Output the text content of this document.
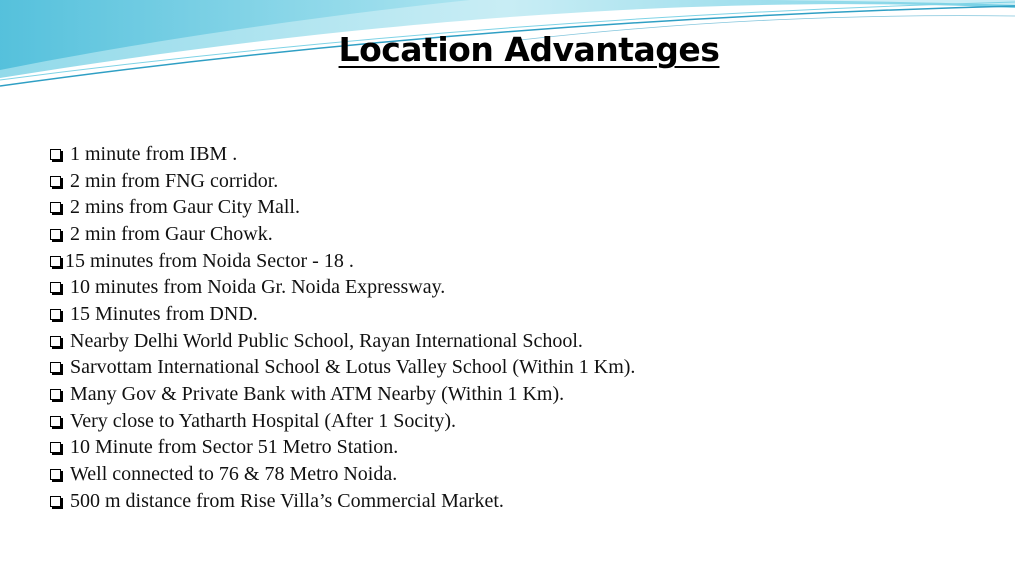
Location Advantages
1 minute from IBM .
2 min from FNG corridor.
2 mins from Gaur City Mall.
2 min from Gaur Chowk.
15 minutes from Noida Sector - 18 .
10 minutes from Noida Gr. Noida Expressway.
15 Minutes from DND.
Nearby Delhi World Public School, Rayan International School.
Sarvottam International School & Lotus Valley School (Within 1 Km).
Many Gov & Private Bank with ATM Nearby (Within 1 Km).
Very close to Yatharth Hospital (After 1 Socity).
10 Minute from Sector 51 Metro Station.
Well connected to 76 & 78 Metro Noida.
500 m distance from Rise Villa’s Commercial Market.
